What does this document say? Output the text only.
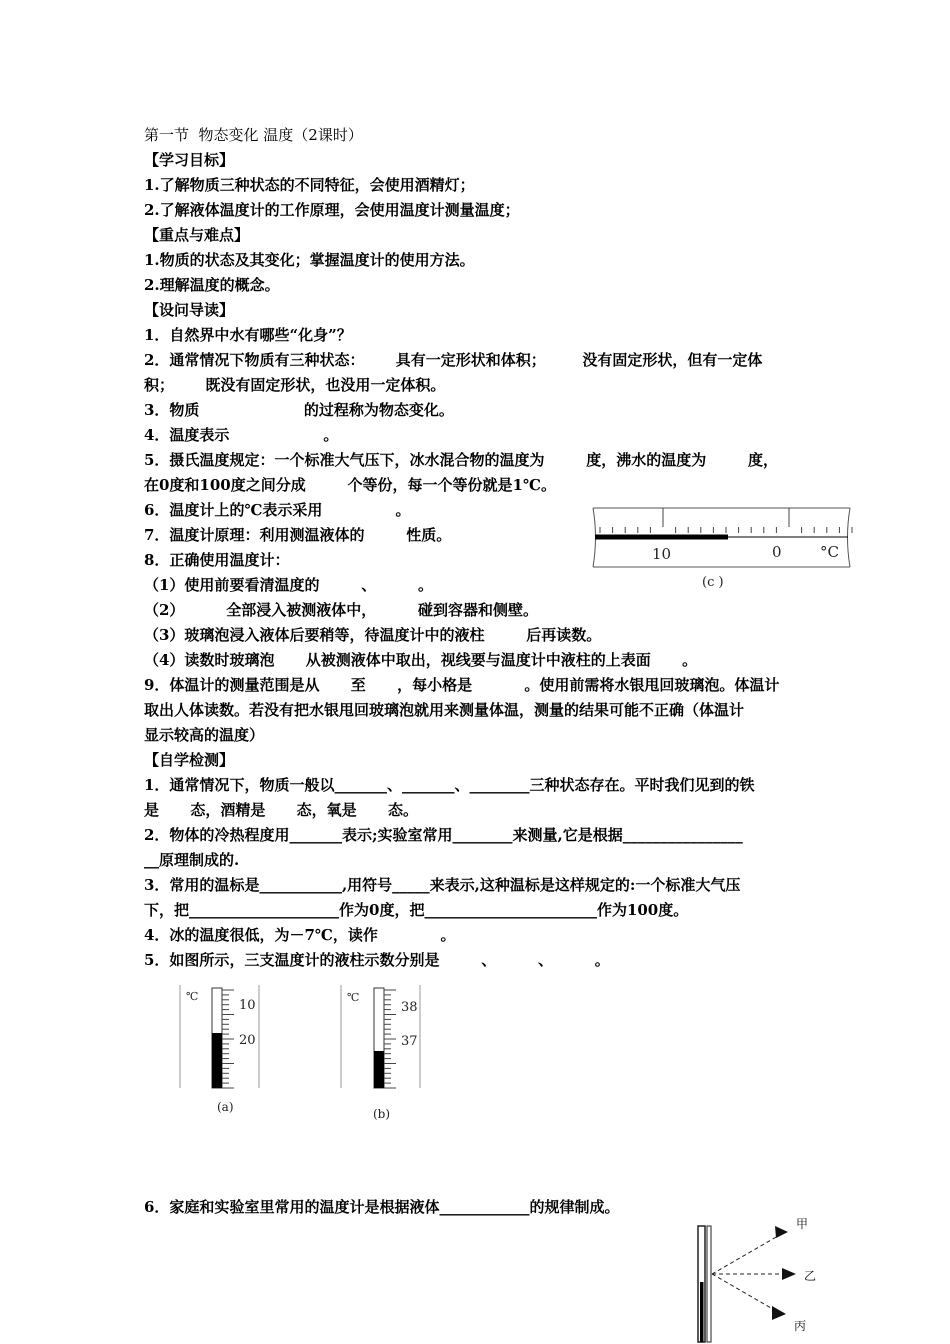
第一节  物态变化 温度（2课时）
【学习目标】
1.了解物质三种状态的不同特征，会使用酒精灯；
2.了解液体温度计的工作原理，会使用温度计测量温度；
【重点与难点】
1.物质的状态及其变化；掌握温度计的使用方法。
2.理解温度的概念。
【设问导读】
1．自然界中水有哪些“化身”？
2．通常情况下物质有三种状态：      具有一定形状和体积；       没有固定形状，但有一定体
积；      既没有固定形状，也没用一定体积。
3．物质                    的过程称为物态变化。
4．温度表示                  。
5．摄氏温度规定：一个标准大气压下，冰水混合物的温度为        度，沸水的温度为        度，
在0度和100度之间分成        个等份，每一个等份就是1℃。
6．温度计上的℃表示采用              。
7．温度计原理：利用测温液体的        性质。
8．正确使用温度计：
（1）使用前要看清温度的        、        。
（2）        全部浸入被测液体中，        碰到容器和侧壁。
（3）玻璃泡浸入液体后要稍等，待温度计中的液柱        后再读数。
（4）读数时玻璃泡      从被测液体中取出，视线要与温度计中液柱的上表面      。
9．体温计的测量范围是从      至      ，每小格是          。使用前需将水银甩回玻璃泡。体温计
取出人体读数。若没有把水银甩回玻璃泡就用来测量体温，测量的结果可能不正确（体温计
显示较高的温度）
【自学检测】
1．通常情况下，物质一般以_______、_______、________三种状态存在。平时我们见到的铁
是      态，酒精是      态，氧是      态。
2．物体的冷热程度用_______表示;实验室常用________来测量,它是根据________________
__原理制成的.
3．常用的温标是___________,用符号_____来表示,这种温标是这样规定的:一个标准大气压
下，把____________________作为0度，把_______________________作为100度。
4．冰的温度很低，为－7℃，读作            。
5．如图所示，三支温度计的液柱示数分别是        、        、        。
6．家庭和实验室里常用的温度计是根据液体____________的规律制成。
10	0	°C
(c )
℃
10
20
(a)
℃
38
37
(b)
甲
乙
丙
